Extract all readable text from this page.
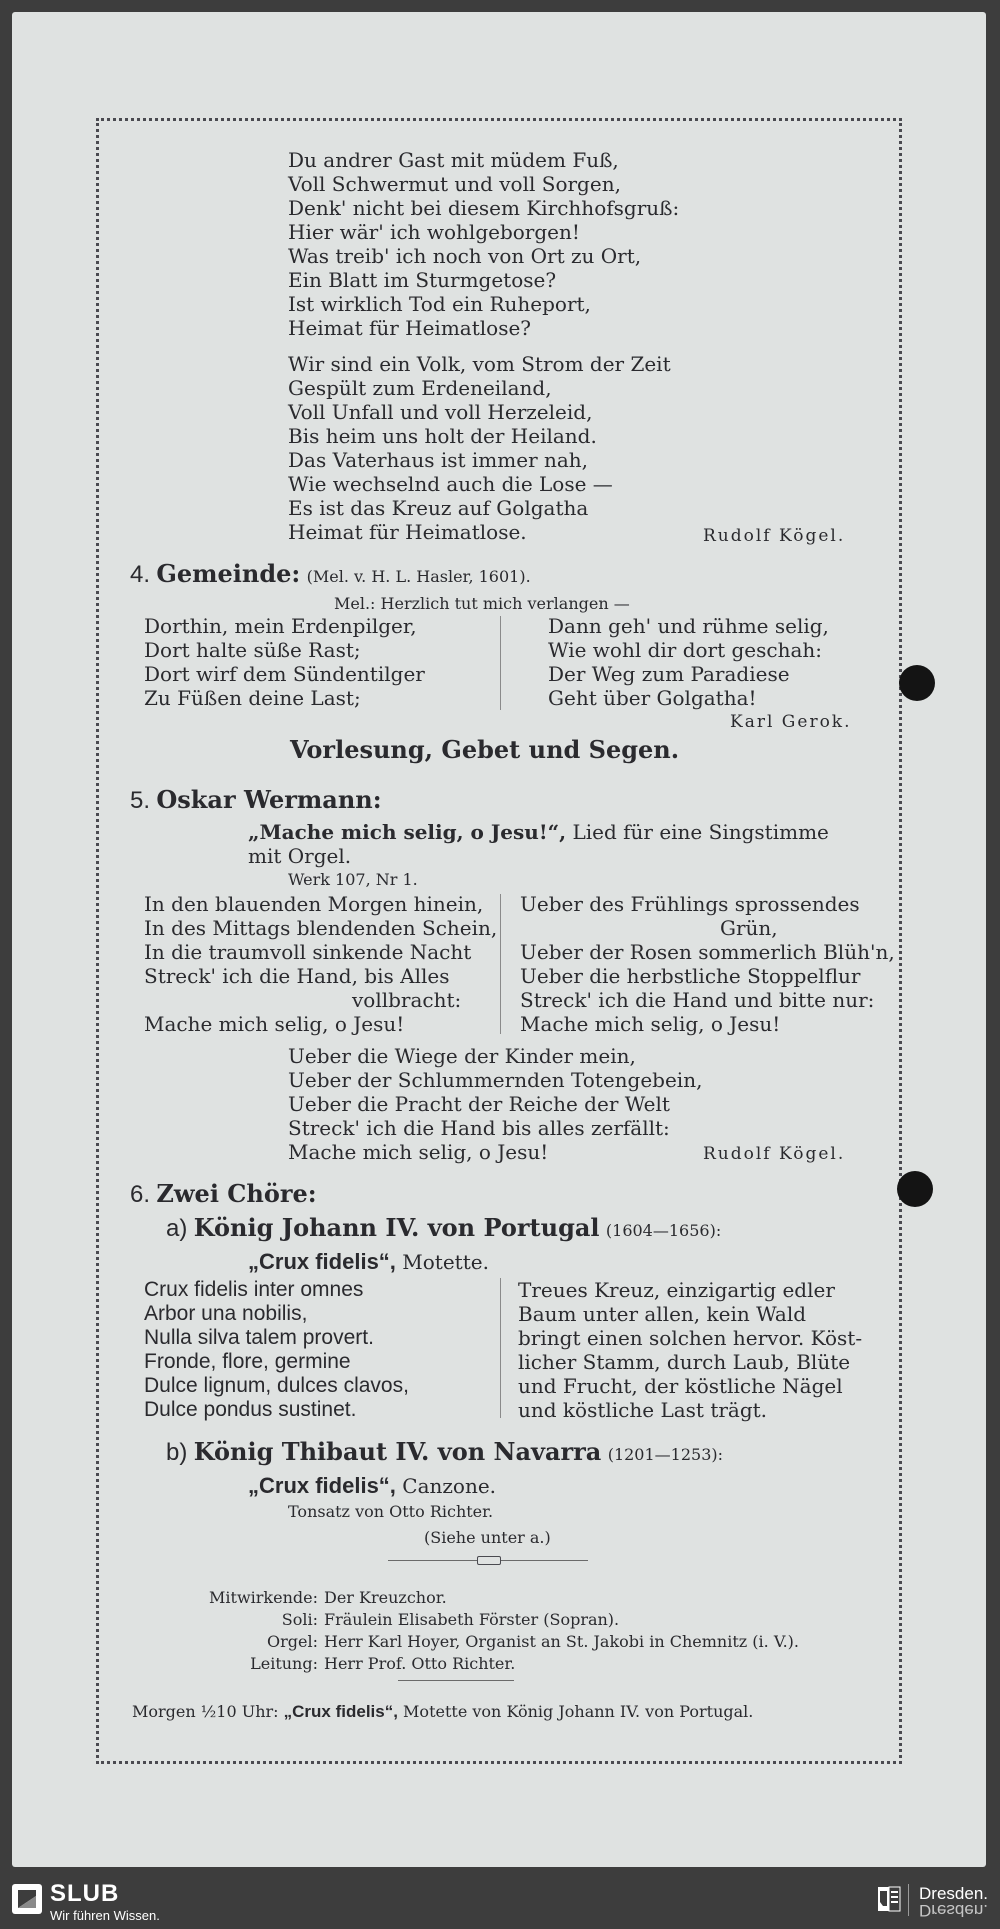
Du andrer Gast mit müdem Fuß,
Voll Schwermut und voll Sorgen,
Denk' nicht bei diesem Kirchhofsgruß:
Hier wär' ich wohlgeborgen!
Was treib' ich noch von Ort zu Ort,
Ein Blatt im Sturmgetose?
Ist wirklich Tod ein Ruheport,
Heimat für Heimatlose?
Wir sind ein Volk, vom Strom der Zeit
Gespült zum Erdeneiland,
Voll Unfall und voll Herzeleid,
Bis heim uns holt der Heiland.
Das Vaterhaus ist immer nah,
Wie wechselnd auch die Lose —
Es ist das Kreuz auf Golgatha
Heimat für Heimatlose.	Rudolf Kögel.
4. Gemeinde: (Mel. v. H. L. Hasler, 1601).
Mel.: Herzlich tut mich verlangen —
Dorthin, mein Erdenpilger,
Dort halte süße Rast;
Dort wirf dem Sündentilger
Zu Füßen deine Last;
Dann geh' und rühme selig,
Wie wohl dir dort geschah:
Der Weg zum Paradiese
Geht über Golgatha!
Karl Gerok.
Vorlesung, Gebet und Segen.
5. Oskar Wermann:
„Mache mich selig, o Jesu!“, Lied für eine Singstimme
mit Orgel.
Werk 107, Nr 1.
In den blauenden Morgen hinein,
In des Mittags blendenden Schein,
In die traumvoll sinkende Nacht
Streck' ich die Hand, bis Alles
vollbracht:
Mache mich selig, o Jesu!
Ueber des Frühlings sprossendes
Grün,
Ueber der Rosen sommerlich Blüh'n,
Ueber die herbstliche Stoppelflur
Streck' ich die Hand und bitte nur:
Mache mich selig, o Jesu!
Ueber die Wiege der Kinder mein,
Ueber der Schlummernden Totengebein,
Ueber die Pracht der Reiche der Welt
Streck' ich die Hand bis alles zerfällt:
Mache mich selig, o Jesu!	Rudolf Kögel.
6. Zwei Chöre:
a) König Johann IV. von Portugal (1604—1656):
„Crux fidelis“, Motette.
Crux fidelis inter omnes
Arbor una nobilis,
Nulla silva talem provert.
Fronde, flore, germine
Dulce lignum, dulces clavos,
Dulce pondus sustinet.
Treues Kreuz, einzigartig edler
Baum unter allen, kein Wald
bringt einen solchen hervor. Köst-
licher Stamm, durch Laub, Blüte
und Frucht, der köstliche Nägel
und köstliche Last trägt.
b) König Thibaut IV. von Navarra (1201—1253):
„Crux fidelis“, Canzone.
Tonsatz von Otto Richter.
(Siehe unter a.)
Mitwirkende: Der Kreuzchor.
Soli: Fräulein Elisabeth Förster (Sopran).
Orgel: Herr Karl Hoyer, Organist an St. Jakobi in Chemnitz (i. V.).
Leitung: Herr Prof. Otto Richter.
Morgen ½10 Uhr: „Crux fidelis“, Motette von König Johann IV. von Portugal.
SLUB
Wir führen Wissen.
Dresden.
Dresden.
